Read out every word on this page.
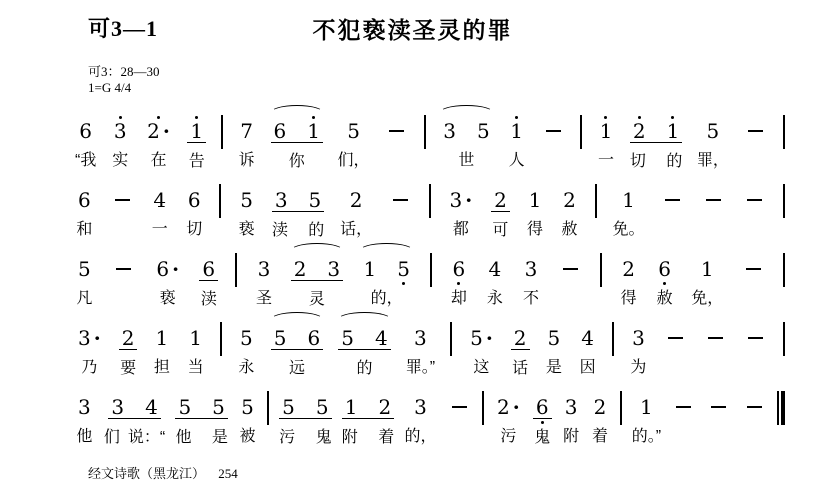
可3—1	不犯亵渎圣灵的罪
可3：28—30
1=G 4/4
6
“我
3
实
2 ·
在
1
告
7
诉
6 1
你
5
们，

3 5
世
1
人

1
一
2 1
切 的
5
罪，

6
和

4
一
6
切
5
亵
3 5
渎 的
2
话，

3 ·
都
2
可
1
得
2
赦
1
免。

5
凡

6 ·
亵
6
渎
3
圣
2 3
灵
1 5
的，
6
却
4
永
3
不

2
得
6
赦
1
免，

3 ·
乃
2
要
1
担
1
当
5
永
5 6
远
5 4
的
3
罪。”
5 ·
这
2
话
5
是
4
因
3
为

3
他
3 4
们 说：“
5 5
他 是
5
被
5 5
污 鬼
1 2
附 着
3
的，

2 ·
污
6
鬼
3
附
2
着
1
的。”

经文诗歌（黑龙江） 254
